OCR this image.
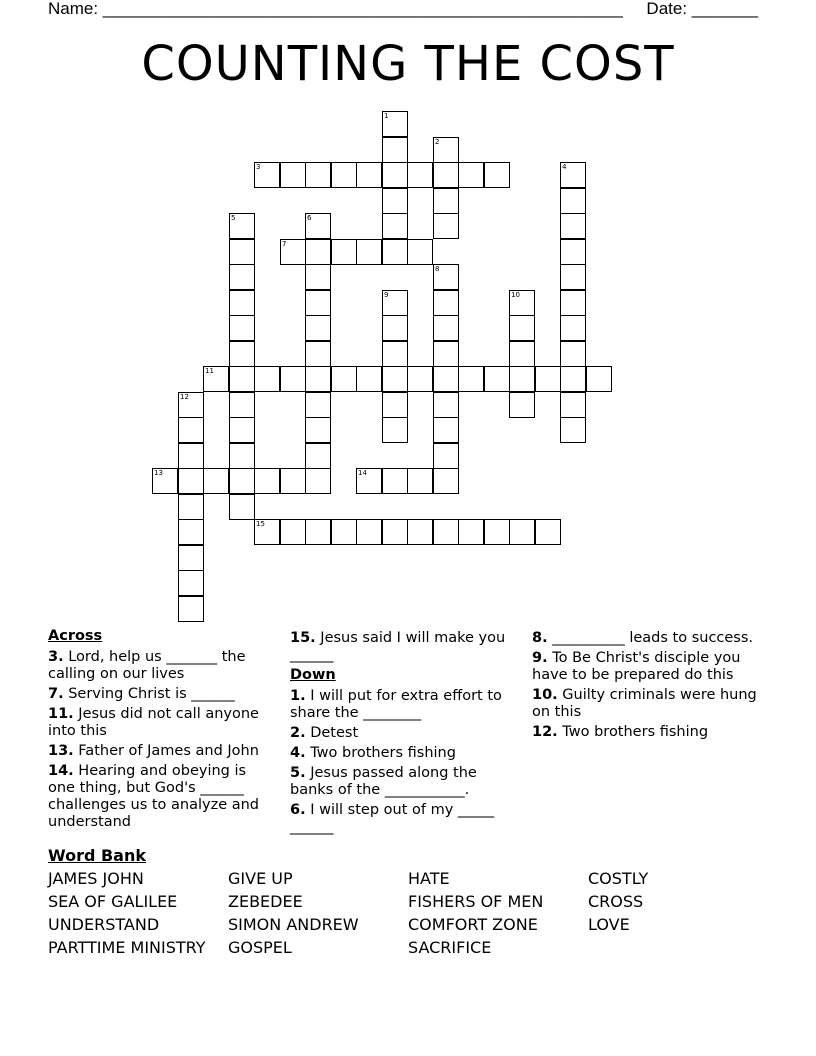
Name: _______________________________________________________ Date: _______
COUNTING THE COST
1
2
3	4
5	6
7
8
9	10
11
12
13	14
15
Across
3. Lord, help us _______ the calling on our lives
7. Serving Christ is ______
11. Jesus did not call anyone into this
13. Father of James and John
14. Hearing and obeying is one thing, but God's ______ challenges us to analyze and understand
15. Jesus said I will make you ______
Down
1. I will put for extra effort to share the ________
2. Detest
4. Two brothers fishing
5. Jesus passed along the banks of the ___________.
6. I will step out of my _____ ______
8. __________ leads to success.
9. To Be Christ's disciple you have to be prepared do this
10. Guilty criminals were hung on this
12. Two brothers fishing
Word Bank
JAMES JOHN	GIVE UP	HATE	COSTLY
SEA OF GALILEE	ZEBEDEE	FISHERS OF MEN	CROSS
UNDERSTAND	SIMON ANDREW	COMFORT ZONE	LOVE
PARTTIME MINISTRY	GOSPEL	SACRIFICE
